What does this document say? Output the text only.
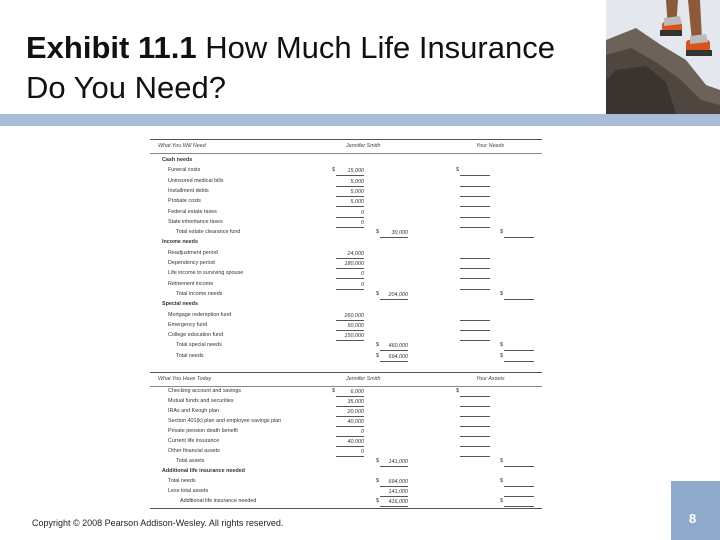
Exhibit 11.1 How Much Life Insurance Do You Need?
What You Will Need	Jennifer Smith	Your Needs
Cash needs
Funeral costs	$	15,000	$
Uninsured medical bills	5,000
Installment debts	5,000
Probate costs	5,000
Federal estate taxes	0
State inheritance taxes	0
Total estate clearance fund	$	30,000	$
Income needs
Readjustment period	24,000
Dependency period	180,000
Life income to surviving spouse	0
Retirement income	0
Total income needs	$	204,000	$
Special needs
Mortgage redemption fund	260,000
Emergency fund	50,000
College education fund	150,000
Total special needs	$	460,000	$
Total needs	$	694,000	$
What You Have Today	Jennifer Smith	Your Assets
Checking account and savings	$	6,000	$
Mutual funds and securities	35,000
IRAs and Keogh plan	20,000
Section 401(k) plan and employee savings plan	40,000
Private pension death benefit	0
Current life insurance	40,000
Other financial assets	0
Total assets	$	141,000	$
Additional life insurance needed
Total needs	$	694,000	$
Less total assets	141,000
Additional life insurance needed	$	416,000	$
Copyright © 2008 Pearson Addison-Wesley. All rights reserved.	8
